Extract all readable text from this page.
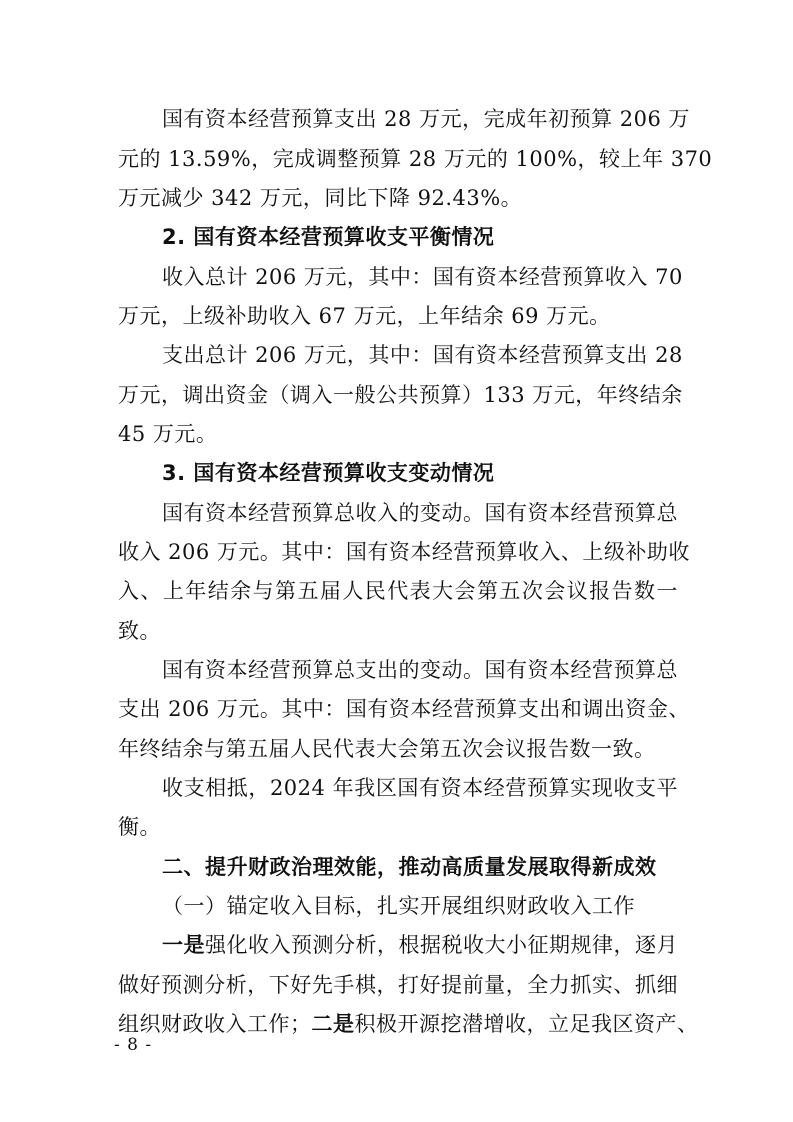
国有资本经营预算支出 28 万元，完成年初预算 206 万
元的 13.59%，完成调整预算 28 万元的 100%，较上年 370
万元减少 342 万元，同比下降 92.43%。
2. 国有资本经营预算收支平衡情况
收入总计 206 万元，其中：国有资本经营预算收入 70
万元，上级补助收入 67 万元，上年结余 69 万元。
支出总计 206 万元，其中：国有资本经营预算支出 28
万元，调出资金（调入一般公共预算）133 万元，年终结余
45 万元。
3. 国有资本经营预算收支变动情况
国有资本经营预算总收入的变动。国有资本经营预算总
收入 206 万元。其中：国有资本经营预算收入、上级补助收
入、上年结余与第五届人民代表大会第五次会议报告数一
致。
国有资本经营预算总支出的变动。国有资本经营预算总
支出 206 万元。其中：国有资本经营预算支出和调出资金、
年终结余与第五届人民代表大会第五次会议报告数一致。
收支相抵，2024 年我区国有资本经营预算实现收支平
衡。
二、提升财政治理效能，推动高质量发展取得新成效
（一）锚定收入目标，扎实开展组织财政收入工作
一是强化收入预测分析，根据税收大小征期规律，逐月
做好预测分析，下好先手棋，打好提前量，全力抓实、抓细
组织财政收入工作；二是积极开源挖潜增收，立足我区资产、
- 8 -
